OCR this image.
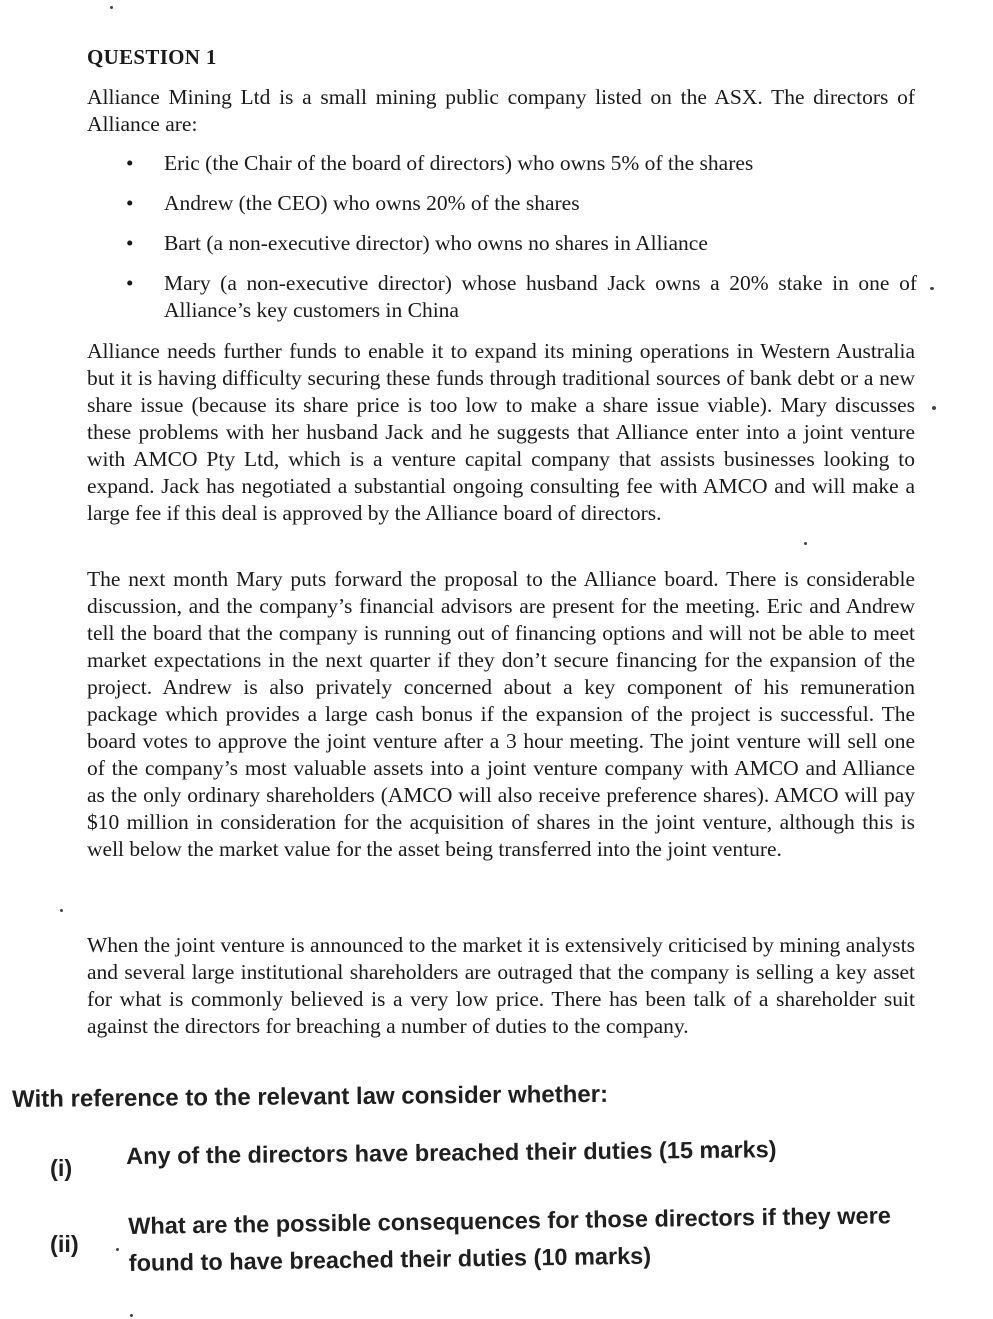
QUESTION 1
Alliance Mining Ltd is a small mining public company listed on the ASX. The directors of Alliance are:
• Eric (the Chair of the board of directors) who owns 5% of the shares
• Andrew (the CEO) who owns 20% of the shares
• Bart (a non-executive director) who owns no shares in Alliance
• Mary (a non-executive director) whose husband Jack owns a 20% stake in one of Alliance’s key customers in China
Alliance needs further funds to enable it to expand its mining operations in Western Australia but it is having difficulty securing these funds through traditional sources of bank debt or a new share issue (because its share price is too low to make a share issue viable). Mary discusses these problems with her husband Jack and he suggests that Alliance enter into a joint venture with AMCO Pty Ltd, which is a venture capital company that assists businesses looking to expand. Jack has negotiated a substantial ongoing consulting fee with AMCO and will make a large fee if this deal is approved by the Alliance board of directors.
The next month Mary puts forward the proposal to the Alliance board. There is considerable discussion, and the company’s financial advisors are present for the meeting. Eric and Andrew tell the board that the company is running out of financing options and will not be able to meet market expectations in the next quarter if they don’t secure financing for the expansion of the project. Andrew is also privately concerned about a key component of his remuneration package which provides a large cash bonus if the expansion of the project is successful. The board votes to approve the joint venture after a 3 hour meeting. The joint venture will sell one of the company’s most valuable assets into a joint venture company with AMCO and Alliance as the only ordinary shareholders (AMCO will also receive preference shares). AMCO will pay $10 million in consideration for the acquisition of shares in the joint venture, although this is well below the market value for the asset being transferred into the joint venture.
When the joint venture is announced to the market it is extensively criticised by mining analysts and several large institutional shareholders are outraged that the company is selling a key asset for what is commonly believed is a very low price. There has been talk of a shareholder suit against the directors for breaching a number of duties to the company.
With reference to the relevant law consider whether:
(i) Any of the directors have breached their duties (15 marks)
(ii)
What are the possible consequences for those directors if they were found to have breached their duties (10 marks)
